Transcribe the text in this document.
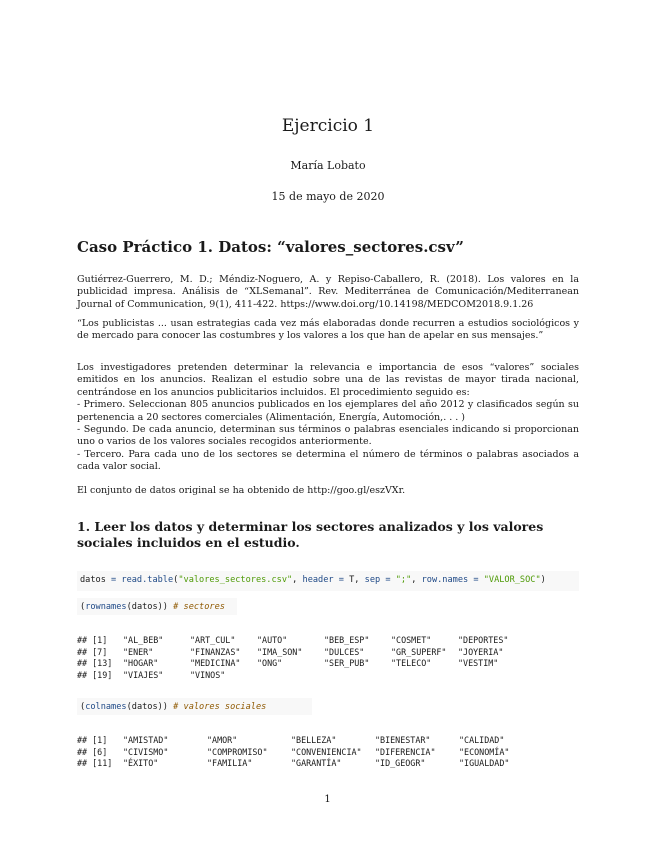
Ejercicio 1
María Lobato
15 de mayo de 2020
Caso Práctico 1. Datos: “valores_sectores.csv”

Gutiérrez-Guerrero, M. D.; Méndiz-Noguero, A. y Repiso-Caballero, R. (2018). Los valores en la publicidad impresa. Análisis de “XLSemanal”. Rev. Mediterránea de Comunicación/Mediterranean Journal of Communication, 9(1), 411-422. https://www.doi.org/10.14198/MEDCOM2018.9.1.26

“Los publicistas ... usan estrategias cada vez más elaboradas donde recurren a estudios sociológicos y de mercado para conocer las costumbres y los valores a los que han de apelar en sus mensajes.”

Los investigadores pretenden determinar la relevancia e importancia de esos “valores” sociales emitidos en los anuncios. Realizan el estudio sobre una de las revistas de mayor tirada nacional, centrándose en los anuncios publicitarios incluidos. El procedimiento seguido es:
- Primero. Seleccionan 805 anuncios publicados en los ejemplares del año 2012 y clasificados según su pertenencia a 20 sectores comerciales (Alimentación, Energía, Automoción,. . . )
- Segundo. De cada anuncio, determinan sus términos o palabras esenciales indicando si proporcionan uno o varios de los valores sociales recogidos anteriormente.
- Tercero. Para cada uno de los sectores se determina el número de términos o palabras asociados a cada valor social.

El conjunto de datos original se ha obtenido de http://goo.gl/eszVXr.

1. Leer los datos y determinar los sectores analizados y los valores sociales incluidos en el estudio.
datos = read.table("valores_sectores.csv", header = T, sep = ";", row.names = "VALOR_SOC")
(rownames(datos)) # sectores
## [1]	"AL_BEB"	"ART_CUL"	"AUTO"	"BEB_ESP"	"COSMET"	"DEPORTES"
## [7]	"ENER"	"FINANZAS"	"IMA_SON"	"DULCES"	"GR_SUPERF"	"JOYERIA"
## [13]	"HOGAR"	"MEDICINA"	"ONG"	"SER_PUB"	"TELECO"	"VESTIM"
## [19]	"VIAJES"	"VINOS"
(colnames(datos)) # valores sociales
## [1]	"AMISTAD"	"AMOR"	"BELLEZA"	"BIENESTAR"	"CALIDAD"
## [6]	"CIVISMO"	"COMPROMISO"	"CONVENIENCIA"	"DIFERENCIA"	"ECONOMÍA"
## [11]	"ÉXITO"	"FAMILIA"	"GARANTÍA"	"ID_GEOGR"	"IGUALDAD"
1
